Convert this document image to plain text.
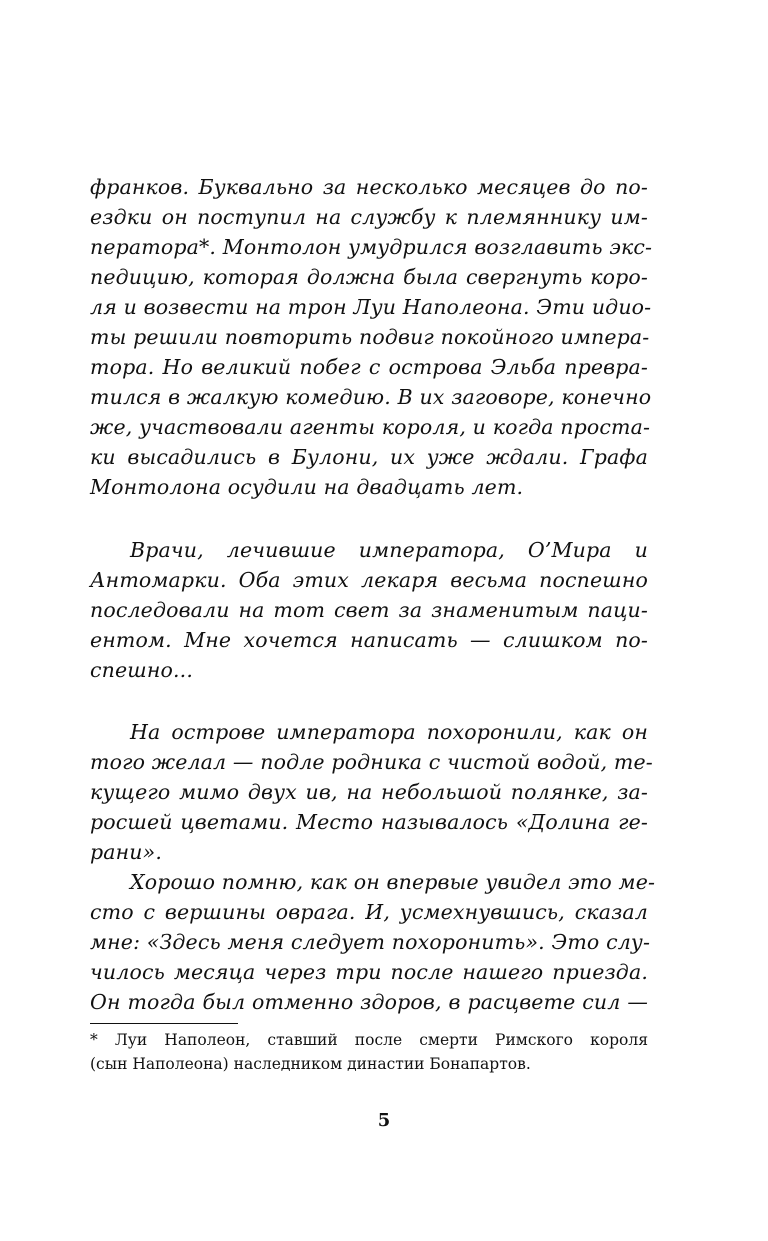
франков. Буквально за несколько месяцев до по-
ездки он поступил на службу к племяннику им-
ператора*. Монтолон умудрился возглавить экс-
педицию, которая должна была свергнуть коро-
ля и возвести на трон Луи Наполеона. Эти идио-
ты решили повторить подвиг покойного импера-
тора. Но великий побег с острова Эльба превра-
тился в жалкую комедию. В их заговоре, конечно
же, участвовали агенты короля, и когда проста-
ки высадились в Булони, их уже ждали. Графа
Монтолона осудили на двадцать лет.
Врачи, лечившие императора, О’Мира и
Антомарки. Оба этих лекаря весьма поспешно
последовали на тот свет за знаменитым паци-
ентом. Мне хочется написать — слишком по-
спешно...
На острове императора похоронили, как он
того желал — подле родника с чистой водой, те-
кущего мимо двух ив, на небольшой полянке, за-
росшей цветами. Место называлось «Долина ге-
рани».
Хорошо помню, как он впервые увидел это ме-
сто с вершины оврага. И, усмехнувшись, сказал
мне: «Здесь меня следует похоронить». Это слу-
чилось месяца через три после нашего приезда.
Он тогда был отменно здоров, в расцвете сил —
* Луи Наполеон, ставший после смерти Римского короля
(сын Наполеона) наследником династии Бонапартов.
5
